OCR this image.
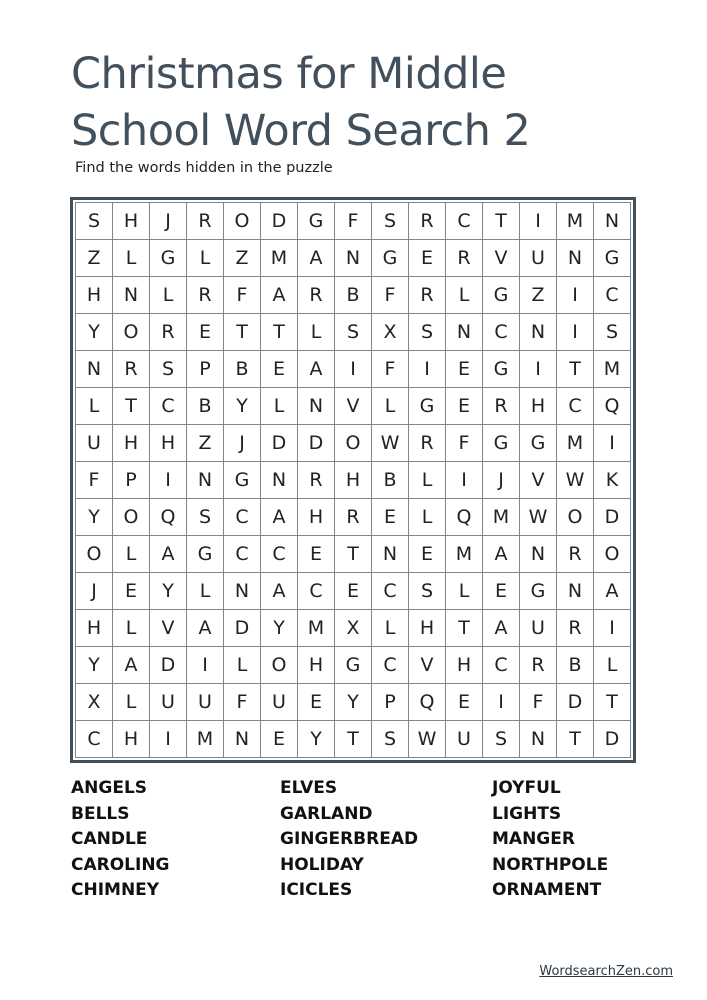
Christmas for Middle
School Word Search 2
Find the words hidden in the puzzle
S	H	J	R	O	D	G	F	S	R	C	T	I	M	N
Z	L	G	L	Z	M	A	N	G	E	R	V	U	N	G
H	N	L	R	F	A	R	B	F	R	L	G	Z	I	C
Y	O	R	E	T	T	L	S	X	S	N	C	N	I	S
N	R	S	P	B	E	A	I	F	I	E	G	I	T	M
L	T	C	B	Y	L	N	V	L	G	E	R	H	C	Q
U	H	H	Z	J	D	D	O	W	R	F	G	G	M	I
F	P	I	N	G	N	R	H	B	L	I	J	V	W	K
Y	O	Q	S	C	A	H	R	E	L	Q	M	W	O	D
O	L	A	G	C	C	E	T	N	E	M	A	N	R	O
J	E	Y	L	N	A	C	E	C	S	L	E	G	N	A
H	L	V	A	D	Y	M	X	L	H	T	A	U	R	I
Y	A	D	I	L	O	H	G	C	V	H	C	R	B	L
X	L	U	U	F	U	E	Y	P	Q	E	I	F	D	T
C	H	I	M	N	E	Y	T	S	W	U	S	N	T	D
ANGELS
BELLS
CANDLE
CAROLING
CHIMNEY
ELVES
GARLAND
GINGERBREAD
HOLIDAY
ICICLES
JOYFUL
LIGHTS
MANGER
NORTHPOLE
ORNAMENT
WordsearchZen.com
